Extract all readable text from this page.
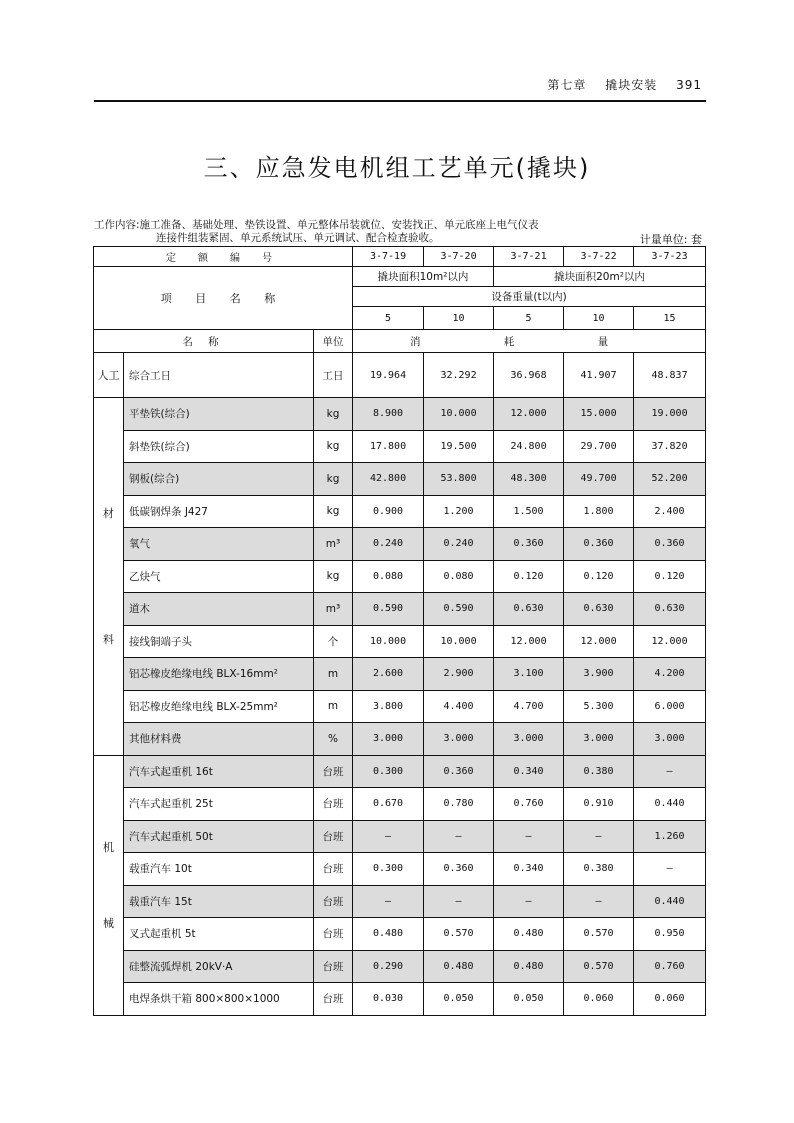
第七章 撬块安装 391
三、应急发电机组工艺单元(撬块)
工作内容:施工准备、基础处理、垫铁设置、单元整体吊装就位、安装找正、单元底座上电气仪表
连接件组装紧固、单元系统试压、单元调试、配合检查验收。	计量单位: 套
定 额 编 号			3-7-19	3-7-20	3-7-21	3-7-22	3-7-23
项 目 名 称			撬块面积10m²以内		撬块面积20m²以内		
			设备重量(t以内)				
			5	10	5	10	15
名 称		单位	消 耗 量				
人工	综合工日	工日	19.964	32.292	36.968	41.907	48.837

材
料	平垫铁(综合)	kg	8.900	10.000	12.000	15.000	19.000
	斜垫铁(综合)	kg	17.800	19.500	24.800	29.700	37.820
	钢板(综合)	kg	42.800	53.800	48.300	49.700	52.200
	低碳钢焊条 J427	kg	0.900	1.200	1.500	1.800	2.400
	氧气	m³	0.240	0.240	0.360	0.360	0.360
	乙炔气	kg	0.080	0.080	0.120	0.120	0.120
	道木	m³	0.590	0.590	0.630	0.630	0.630
	接线铜端子头	个	10.000	10.000	12.000	12.000	12.000
	铝芯橡皮绝缘电线 BLX-16mm²	m	2.600	2.900	3.100	3.900	4.200
	铝芯橡皮绝缘电线 BLX-25mm²	m	3.800	4.400	4.700	5.300	6.000
	其他材料费	%	3.000	3.000	3.000	3.000	3.000

机
械	汽车式起重机 16t	台班	0.300	0.360	0.340	0.380	—
	汽车式起重机 25t	台班	0.670	0.780	0.760	0.910	0.440
	汽车式起重机 50t	台班	—	—	—	—	1.260
	载重汽车 10t	台班	0.300	0.360	0.340	0.380	—
	载重汽车 15t	台班	—	—	—	—	0.440
	叉式起重机 5t	台班	0.480	0.570	0.480	0.570	0.950
	硅整流弧焊机 20kV·A	台班	0.290	0.480	0.480	0.570	0.760
	电焊条烘干箱 800×800×1000	台班	0.030	0.050	0.050	0.060	0.060
